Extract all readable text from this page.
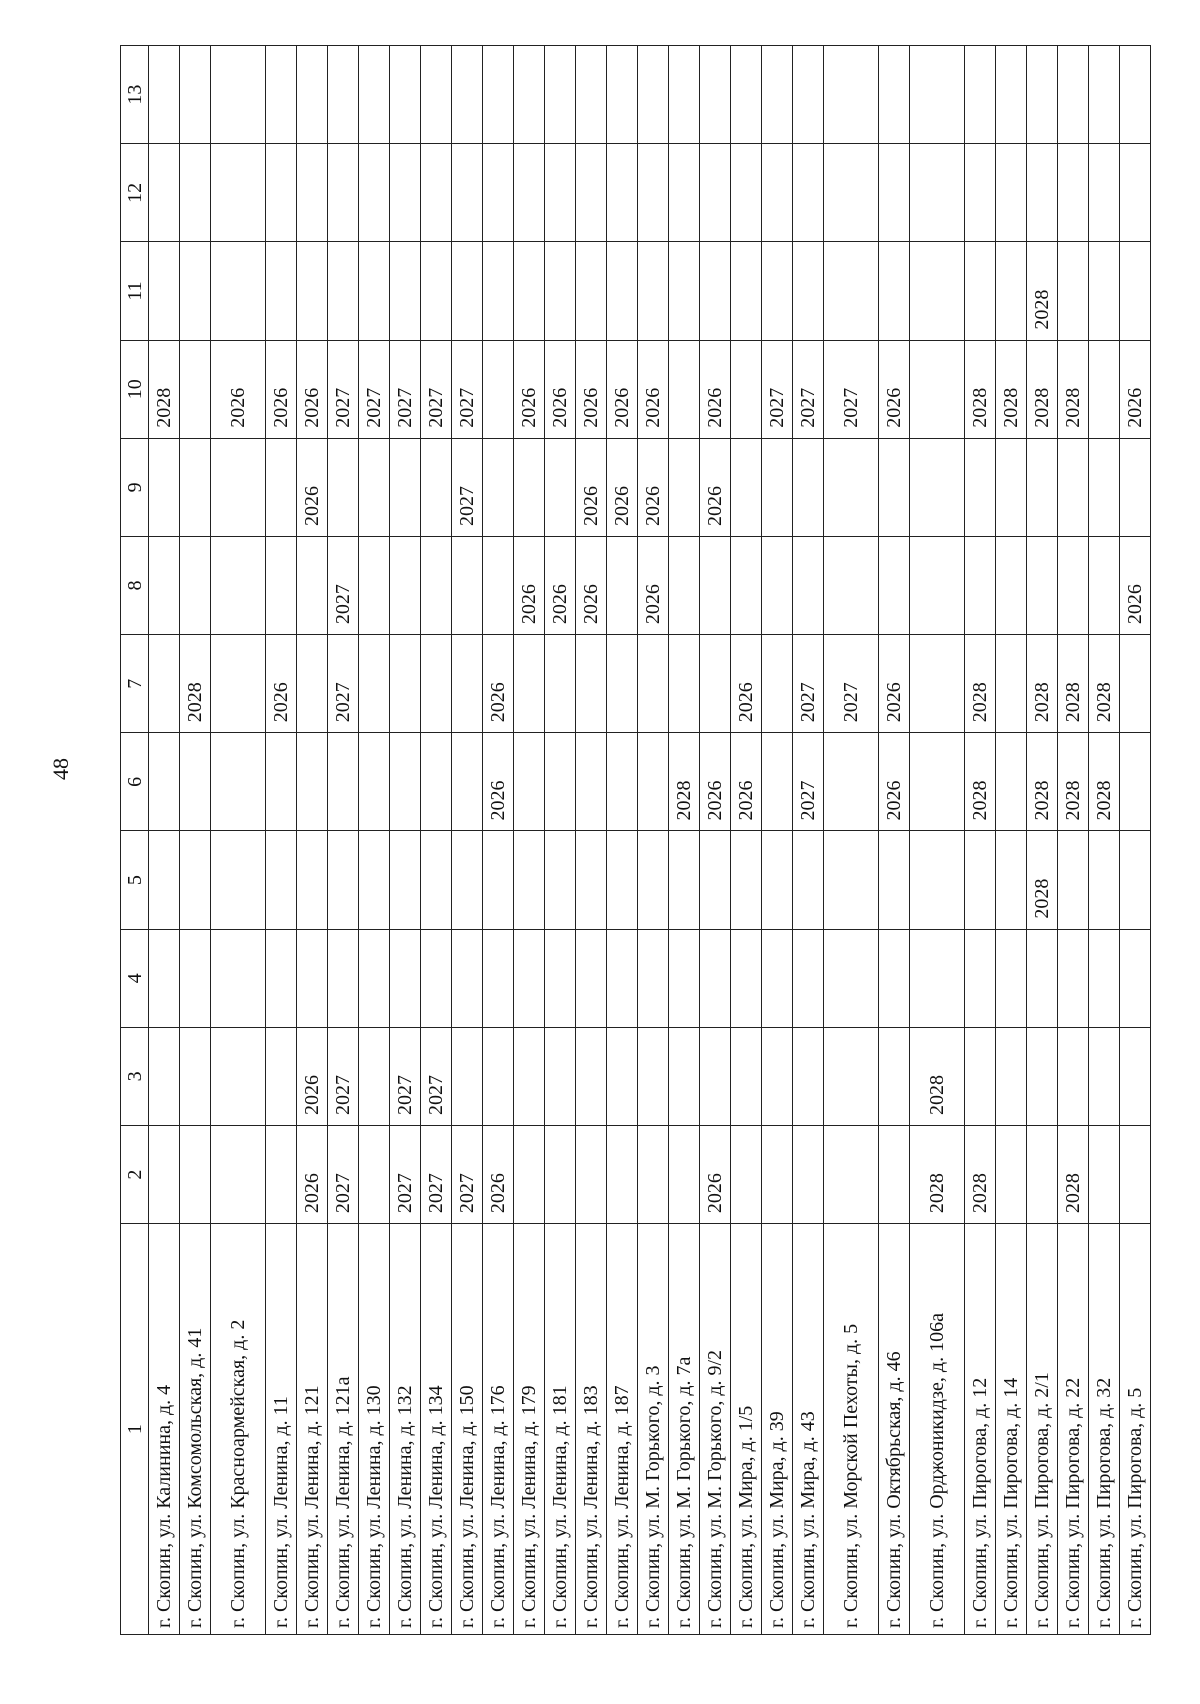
48
1	2	3	4	5	6	7	8	9	10	11	12	13
г. Скопин, ул. Калинина, д. 4									2028			
г. Скопин, ул. Комсомольская, д. 41						2028						
г. Скопин, ул. Красноармейская, д. 2									2026			
г. Скопин, ул. Ленина, д. 11						2026			2026			
г. Скопин, ул. Ленина, д. 121	2026	2026						2026	2026			
г. Скопин, ул. Ленина, д. 121а	2027	2027				2027	2027		2027			
г. Скопин, ул. Ленина, д. 130									2027			
г. Скопин, ул. Ленина, д. 132	2027	2027							2027			
г. Скопин, ул. Ленина, д. 134	2027	2027							2027			
г. Скопин, ул. Ленина, д. 150	2027							2027	2027			
г. Скопин, ул. Ленина, д. 176	2026				2026	2026						
г. Скопин, ул. Ленина, д. 179							2026		2026			
г. Скопин, ул. Ленина, д. 181							2026		2026			
г. Скопин, ул. Ленина, д. 183							2026	2026	2026			
г. Скопин, ул. Ленина, д. 187								2026	2026			
г. Скопин, ул. М. Горького, д. 3							2026	2026	2026			
г. Скопин, ул. М. Горького, д. 7а					2028							
г. Скопин, ул. М. Горького, д. 9/2	2026				2026			2026	2026			
г. Скопин, ул. Мира, д. 1/5					2026	2026						
г. Скопин, ул. Мира, д. 39									2027			
г. Скопин, ул. Мира, д. 43					2027	2027			2027			
г. Скопин, ул. Морской Пехоты, д. 5						2027			2027			
г. Скопин, ул. Октябрьская, д. 46					2026	2026			2026			
г. Скопин, ул. Орджоникидзе, д. 106а	2028	2028										
г. Скопин, ул. Пирогова, д. 12	2028				2028	2028			2028			
г. Скопин, ул. Пирогова, д. 14									2028			
г. Скопин, ул. Пирогова, д. 2/1				2028	2028	2028			2028	2028		
г. Скопин, ул. Пирогова, д. 22	2028				2028	2028			2028			
г. Скопин, ул. Пирогова, д. 32					2028	2028						
г. Скопин, ул. Пирогова, д. 5							2026		2026			
